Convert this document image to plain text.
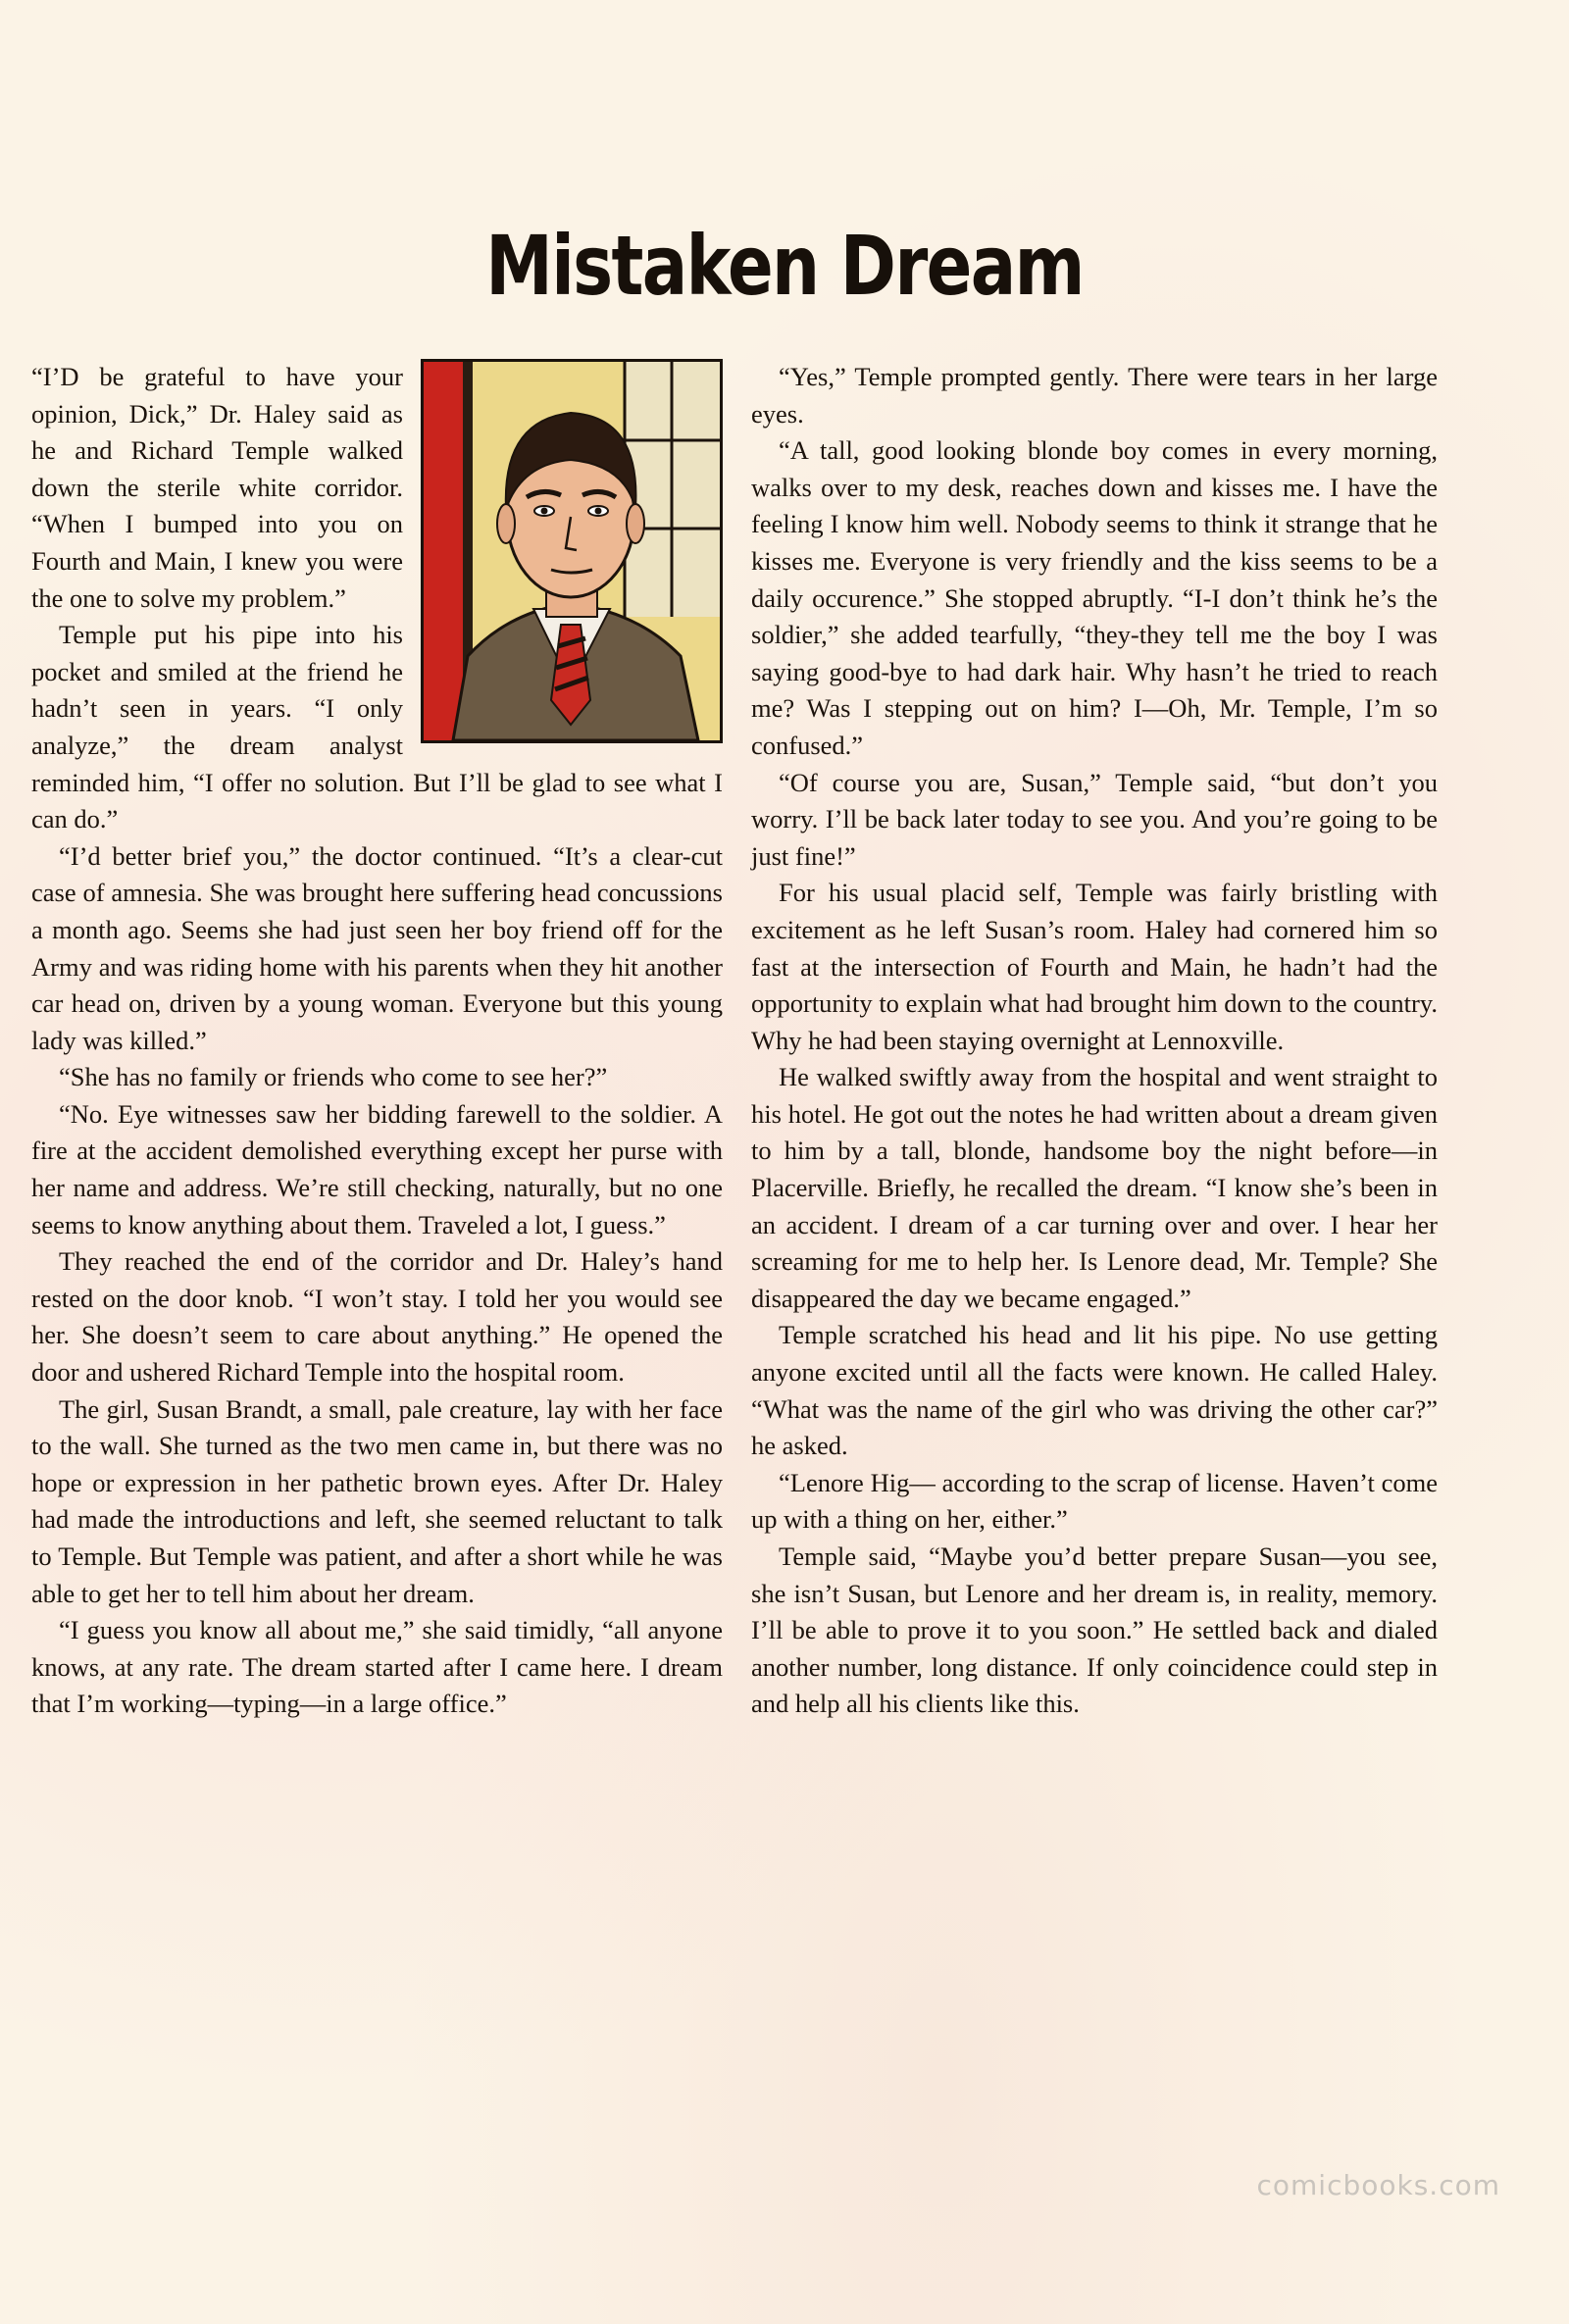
Mistaken Dream

“I’D be grateful to have your opinion, Dick,” Dr. Haley said as he and Richard Temple walked down the sterile white corridor. “When I bumped into you on Fourth and Main, I knew you were the one to solve my problem.”

Temple put his pipe into his pocket and smiled at the friend he hadn’t seen in years. “I only analyze,” the dream analyst reminded him, “I offer no solution. But I’ll be glad to see what I can do.”

“I’d better brief you,” the doctor continued. “It’s a clear-cut case of amnesia. She was brought here suffering head concussions a month ago. Seems she had just seen her boy friend off for the Army and was riding home with his parents when they hit another car head on, driven by a young woman. Everyone but this young lady was killed.”

“She has no family or friends who come to see her?”

“No. Eye witnesses saw her bidding farewell to the soldier. A fire at the accident demolished everything except her purse with her name and address. We’re still checking, naturally, but no one seems to know anything about them. Traveled a lot, I guess.”

They reached the end of the corridor and Dr. Haley’s hand rested on the door knob. “I won’t stay. I told her you would see her. She doesn’t seem to care about anything.” He opened the door and ushered Richard Temple into the hospital room.

The girl, Susan Brandt, a small, pale creature, lay with her face to the wall. She turned as the two men came in, but there was no hope or expression in her pathetic brown eyes. After Dr. Haley had made the introductions and left, she seemed reluctant to talk to Temple. But Temple was patient, and after a short while he was able to get her to tell him about her dream.

“I guess you know all about me,” she said timidly, “all anyone knows, at any rate. The dream started after I came here. I dream that I’m working—typing—in a large office.”

“Yes,” Temple prompted gently. There were tears in her large eyes.

“A tall, good looking blonde boy comes in every morning, walks over to my desk, reaches down and kisses me. I have the feeling I know him well. Nobody seems to think it strange that he kisses me. Everyone is very friendly and the kiss seems to be a daily occurence.” She stopped abruptly. “I-I don’t think he’s the soldier,” she added tearfully, “they-they tell me the boy I was saying good-bye to had dark hair. Why hasn’t he tried to reach me? Was I stepping out on him? I—Oh, Mr. Temple, I’m so confused.”

“Of course you are, Susan,” Temple said, “but don’t you worry. I’ll be back later today to see you. And you’re going to be just fine!”

For his usual placid self, Temple was fairly bristling with excitement as he left Susan’s room. Haley had cornered him so fast at the intersection of Fourth and Main, he hadn’t had the opportunity to explain what had brought him down to the country. Why he had been staying overnight at Lennoxville.

He walked swiftly away from the hospital and went straight to his hotel. He got out the notes he had written about a dream given to him by a tall, blonde, handsome boy the night before—in Placerville. Briefly, he recalled the dream. “I know she’s been in an accident. I dream of a car turning over and over. I hear her screaming for me to help her. Is Lenore dead, Mr. Temple? She disappeared the day we became engaged.”

Temple scratched his head and lit his pipe. No use getting anyone excited until all the facts were known. He called Haley. “What was the name of the girl who was driving the other car?” he asked.

“Lenore Hig— according to the scrap of license. Haven’t come up with a thing on her, either.”

Temple said, “Maybe you’d better prepare Susan—you see, she isn’t Susan, but Lenore and her dream is, in reality, memory. I’ll be able to prove it to you soon.” He settled back and dialed another number, long distance. If only coincidence could step in and help all his clients like this.

comicbooks.com
